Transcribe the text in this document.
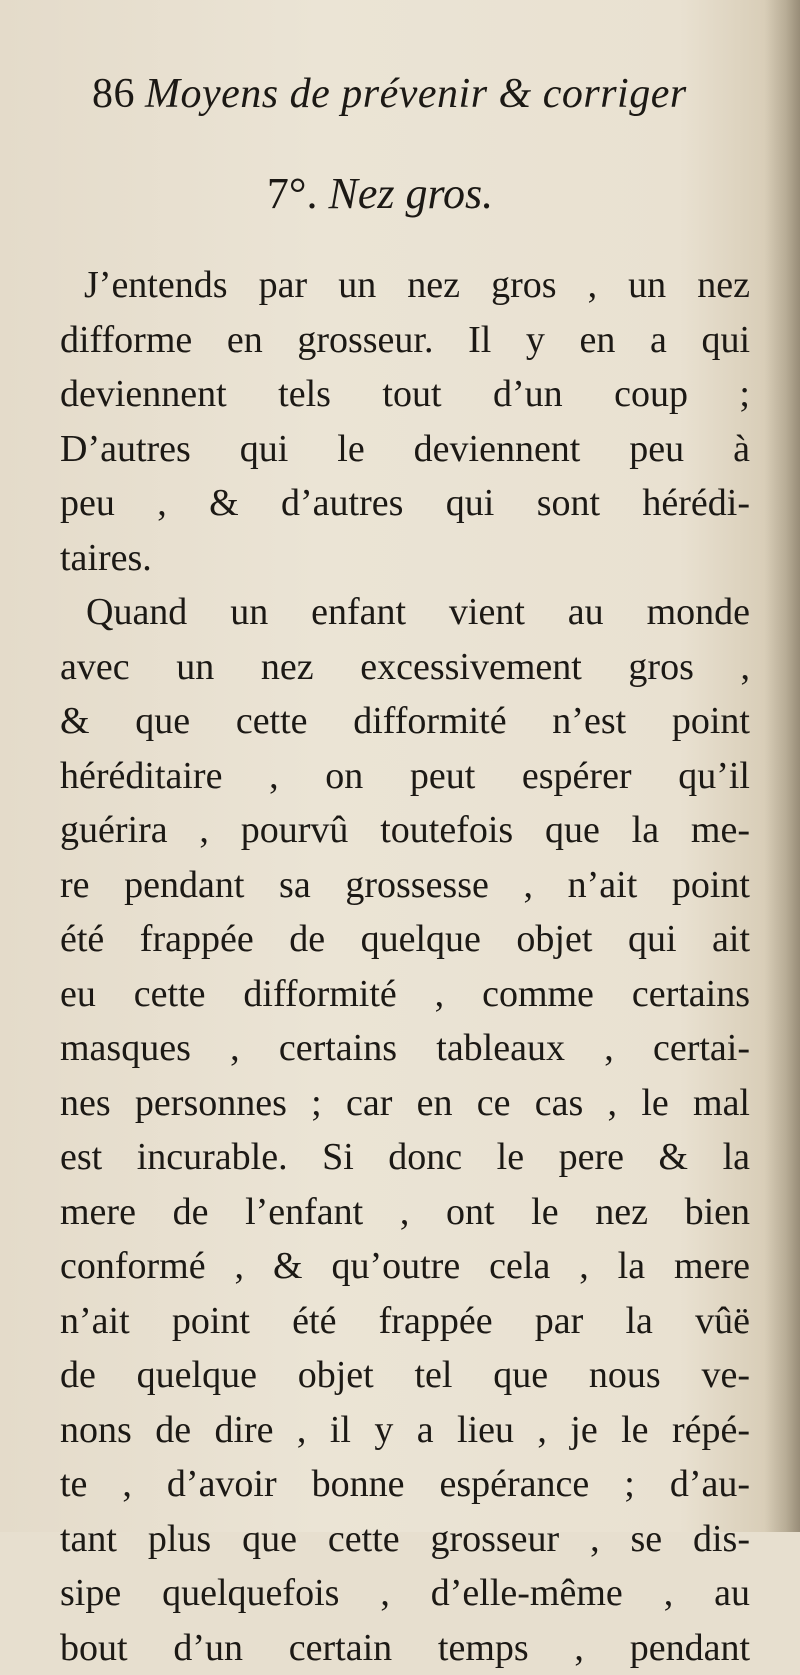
86 Moyens de prévenir & corriger
7°. Nez gros.
J’entends par un nez gros , un nez
difforme en grosseur. Il y en a qui
deviennent tels tout d’un coup ;
D’autres qui le deviennent peu à
peu , & d’autres qui sont hérédi-
taires.
Quand un enfant vient au monde
avec un nez excessivement gros ,
& que cette difformité n’est point
héréditaire , on peut espérer qu’il
guérira , pourvû toutefois que la me-
re pendant sa grossesse , n’ait point
été frappée de quelque objet qui ait
eu cette difformité , comme certains
masques , certains tableaux , certai-
nes personnes ; car en ce cas , le mal
est incurable. Si donc le pere & la
mere de l’enfant , ont le nez bien
conformé , & qu’outre cela , la mere
n’ait point été frappée par la vûë
de quelque objet tel que nous ve-
nons de dire , il y a lieu , je le répé-
te , d’avoir bonne espérance ; d’au-
tant plus que cette grosseur , se dis-
sipe quelquefois , d’elle-même , au
bout d’un certain temps , pendant
